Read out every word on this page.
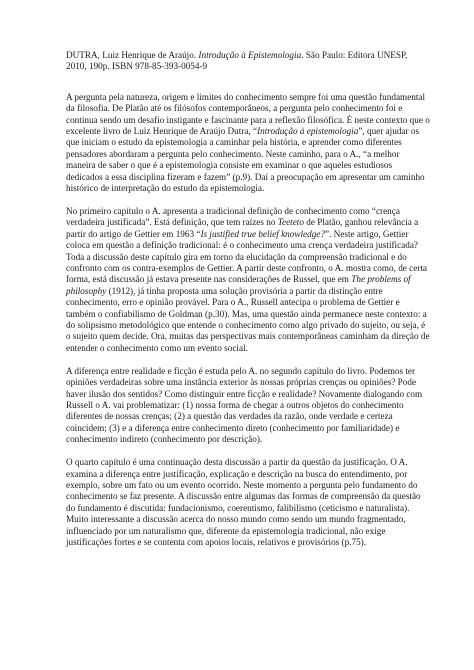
DUTRA, Luiz Henrique de Araújo. Introdução à Epistemologia. São Paulo: Editora UNESP, 2010, 190p. ISBN 978-85-393-0054-9

A pergunta pela natureza, origem e limites do conhecimento sempre foi uma questão fundamental da filosofia. De Platão até os filósofos contemporâneos, a pergunta pelo conhecimento foi e continua sendo um desafio instigante e fascinante para a reflexão filosófica. É neste contexto que o excelente livro de Luiz Henrique de Araújo Dutra, “Introdução à epistemologia”, quer ajudar os que iniciam o estudo da epistemologia a caminhar pela história, e aprender como diferentes pensadores abordaram a pergunta pelo conhecimento. Neste caminho, para o A., “a melhor maneira de saber o que é a epistemologia consiste em examinar o que aqueles estudiosos dedicados a essa disciplina fizeram e fazem” (p.9). Daí a preocupação em apresentar um caminho histórico de interpretação do estudo da epistemologia.

No primeiro capítulo o A. apresenta a tradicional definição de conhecimento como “crença verdadeira justificada”. Está definição, que tem raízes no Teeteto de Platão, ganhou relevância a partir do artigo de Gettier em 1963 “Is justified true belief knowledge?”. Neste artigo, Gettier coloca em questão a definição tradicional: é o conhecimento uma crença verdadeira justificada? Toda a discussão deste capítulo gira em torno da elucidação da compreensão tradicional e do confronto com os contra-exemplos de Gettier. A partir deste confronto, o A. mostra como, de certa forma, está discussão já estava presente nas considerações de Russel, que em The problems of philosophy (1912), já tinha proposta uma solução provisória a partir da distinção entre conhecimento, erro e opinião provável. Para o A., Russell antecipa o problema de Gettier e também o confiabilismo de Goldman (p.30). Mas, uma questão ainda permanece neste contexto: a do solipsismo metodológico que entende o conhecimento como algo privado do sujeito, ou seja, é o sujeito quem decide. Ora, muitas das perspectivas mais contemporâneas caminham da direção de entender o conhecimento como um evento social.

A diferença entre realidade e ficção é estuda pelo A. no segundo capítulo do livro. Podemos ter opiniões verdadeiras sobre uma instância exterior às nossas próprias crenças ou opiniões? Pode haver ilusão dos sentidos? Como distinguir entre ficção e realidade? Novamente dialogando com Russell o A. vai problematizar: (1) nossa forma de chegar a outros objetos do conhecimento diferentes de nossas crenças; (2) a questão das verdades da razão, onde verdade e certeza coincidem; (3) e a diferença entre conhecimento direto (conhecimento por familiaridade) e conhecimento indireto (conhecimento por descrição).

O quarto capítulo é uma continuação desta discussão a partir da questão da justificação. O A. examina a diferença entre justificação, explicação e descrição na busca do entendimento, por exemplo, sobre um fato ou um evento ocorrido. Neste momento a pergunta pelo fundamento do conhecimento se faz presente. A discussão entre algumas das formas de compreensão da questão do fundamento é discutida: fundacionismo, coerentismo, falibilismo (ceticismo e naturalista). Muito interessante a discussão acerca do nosso mundo como sendo um mundo fragmentado, influenciado por um naturalismo que, diferente da epistemologia tradicional, não exige justificações fortes e se contenta com apoios locais, relativos e provisórios (p.75).
